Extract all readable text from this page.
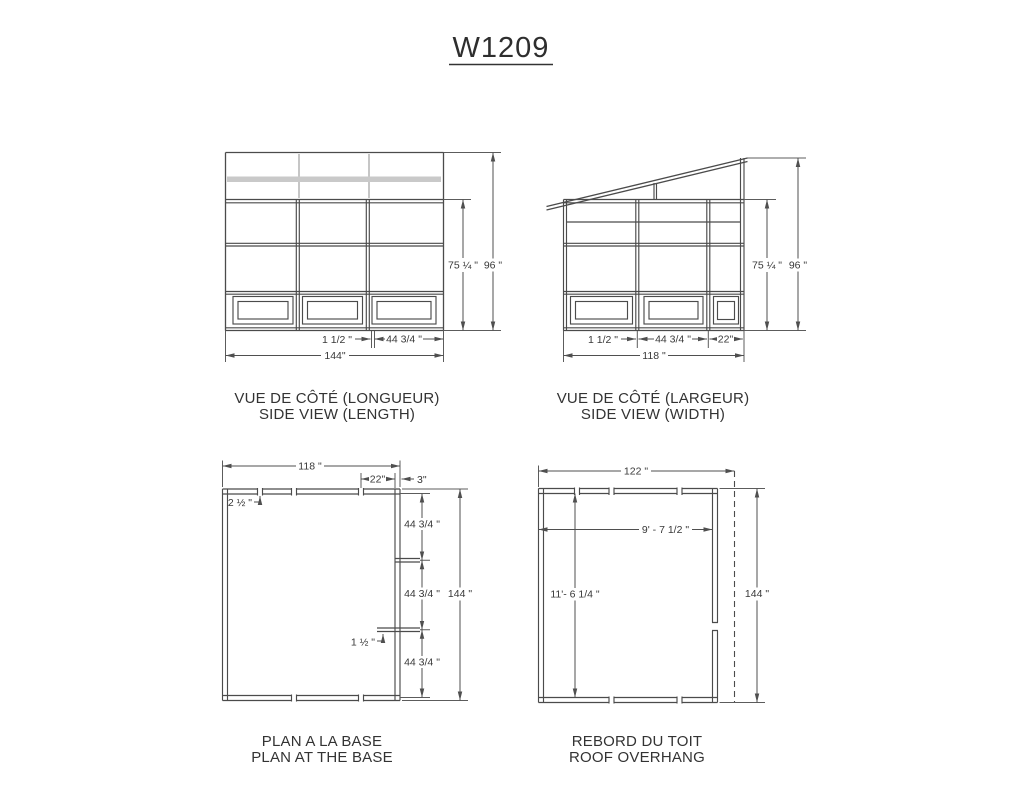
W1209
75 ¼ " 96 "
1 1/2 "	44 3/4 "
144"
VUE DE CÔTÉ (LONGUEUR)
SIDE VIEW (LENGTH)
75 ¼ " 96 "
1 1/2 "	44 3/4 "	22"
118 "
VUE DE CÔTÉ (LARGEUR)
SIDE VIEW (WIDTH)
118 "
22"	3"
2 ½ "
44 3/4 "
44 3/4 "
44 3/4 "
1 ½ "
144 "
PLAN A LA BASE
PLAN AT THE BASE
122 "
9' - 7 1/2 "
11'- 6 1/4 "	144 "
REBORD DU TOIT
ROOF OVERHANG
